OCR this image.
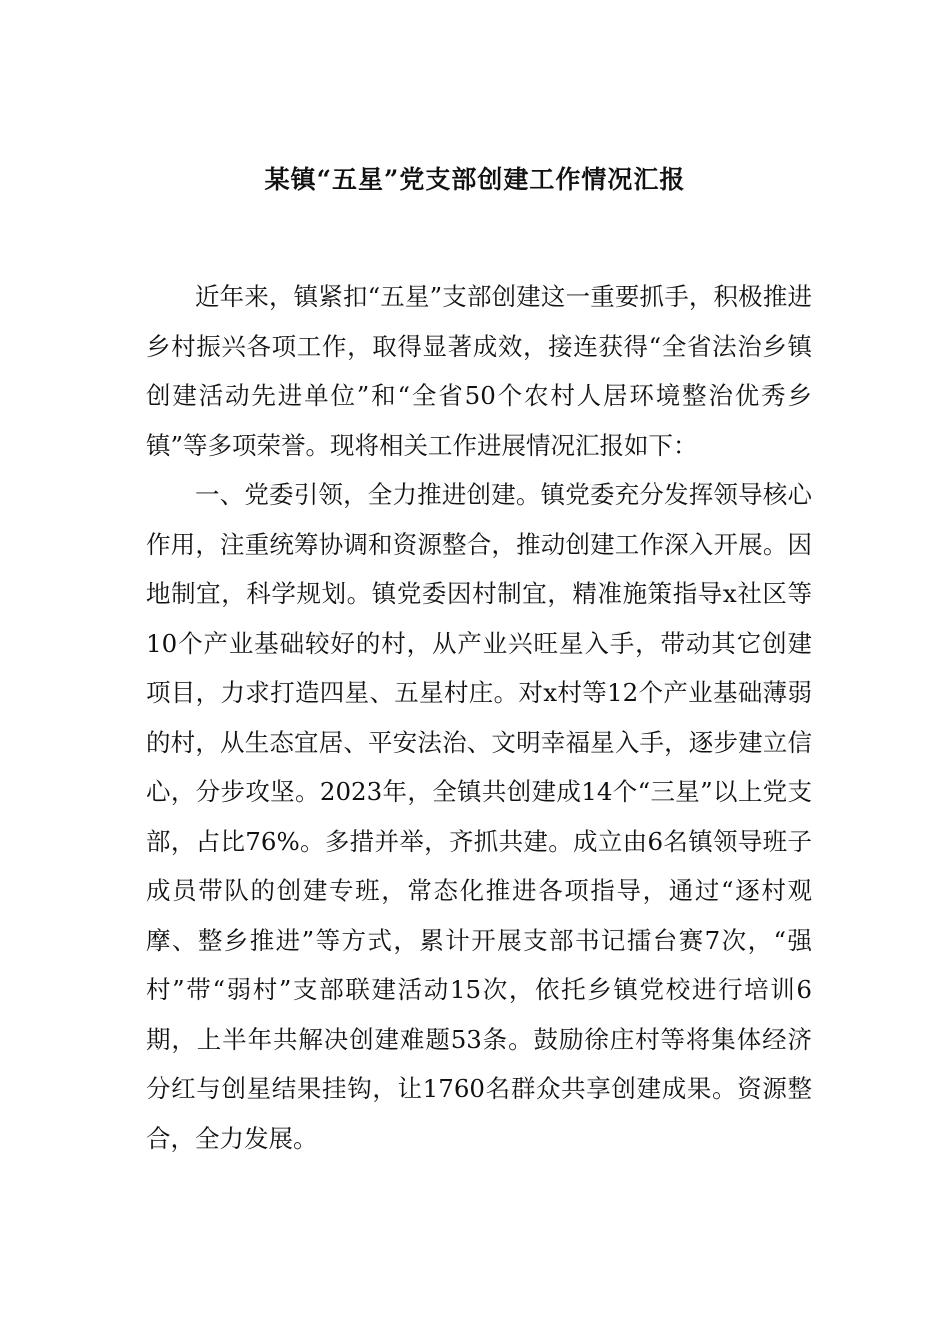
某镇“五星”党支部创建工作情况汇报

近年来，镇紧扣“五星”支部创建这一重要抓手，积极推进乡村振兴各项工作，取得显著成效，接连获得“全省法治乡镇创建活动先进单位”和“全省50个农村人居环境整治优秀乡镇”等多项荣誉。现将相关工作进展情况汇报如下：

一、党委引领，全力推进创建。镇党委充分发挥领导核心作用，注重统筹协调和资源整合，推动创建工作深入开展。因地制宜，科学规划。镇党委因村制宜，精准施策指导x社区等10个产业基础较好的村，从产业兴旺星入手，带动其它创建项目，力求打造四星、五星村庄。对x村等12个产业基础薄弱的村，从生态宜居、平安法治、文明幸福星入手，逐步建立信心，分步攻坚。2023年，全镇共创建成14个“三星”以上党支部，占比76%。多措并举，齐抓共建。成立由6名镇领导班子成员带队的创建专班，常态化推进各项指导，通过“逐村观摩、整乡推进”等方式，累计开展支部书记擂台赛7次，“强村”带“弱村”支部联建活动15次，依托乡镇党校进行培训6期，上半年共解决创建难题53条。鼓励徐庄村等将集体经济分红与创星结果挂钩，让1760名群众共享创建成果。资源整合，全力发展。
